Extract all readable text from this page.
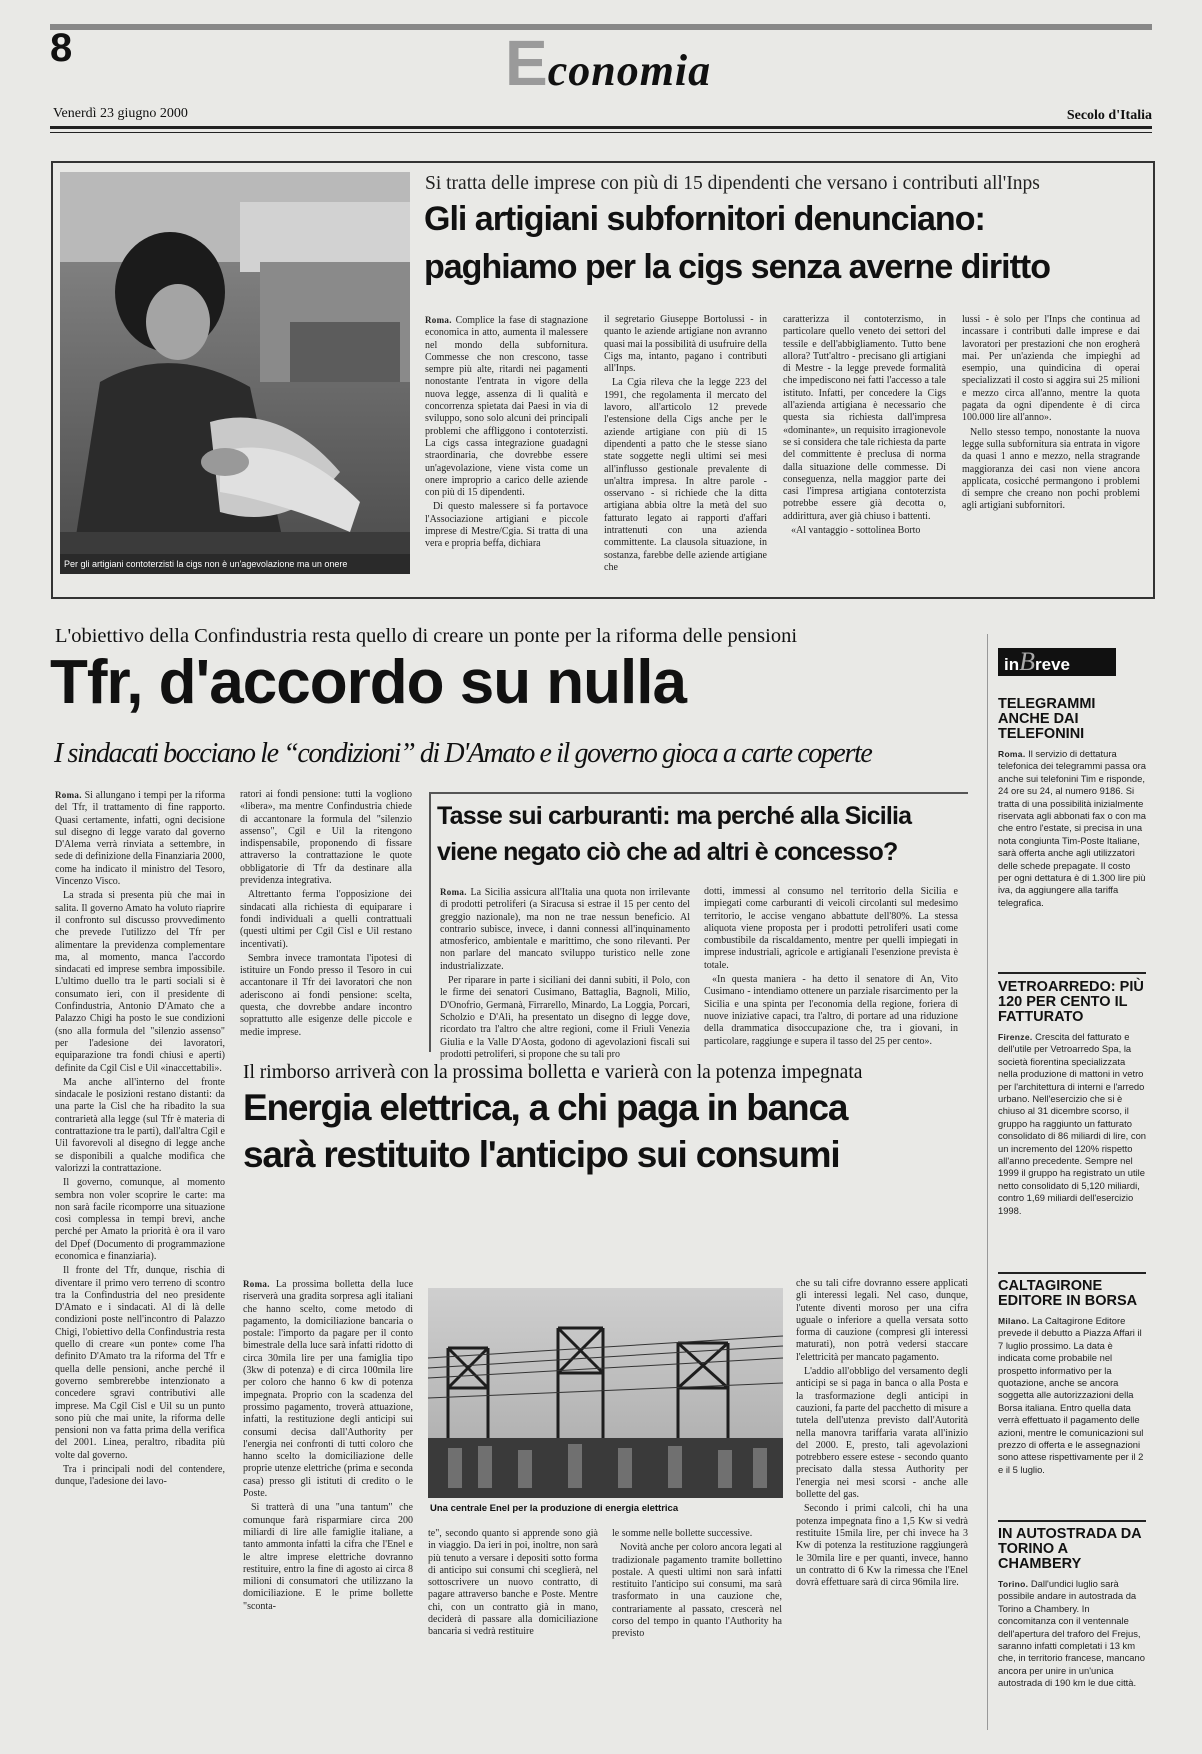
8	Economia
Venerdì 23 giugno 2000	Secolo d'Italia
Per gli artigiani contoterzisti la cigs non è un'agevolazione ma un onere
Si tratta delle imprese con più di 15 dipendenti che versano i contributi all'Inps
Gli artigiani subfornitori denunciano:
paghiamo per la cigs senza averne diritto

Roma. Complice la fase di stagnazione economica in atto, aumenta il malessere nel mondo della subfornitura. Commesse che non crescono, tasse sempre più alte, ritardi nei pagamenti nonostante l'entrata in vigore della nuova legge, assenza di lì qualità e concorrenza spietata dai Paesi in via di sviluppo, sono solo alcuni dei principali problemi che affliggono i contoterzisti. La cigs cassa integrazione guadagni straordinaria, che dovrebbe essere un'agevolazione, viene vista come un onere improprio a carico delle aziende con più di 15 dipendenti.

Di questo malessere si fa portavoce l'Associazione artigiani e piccole imprese di Mestre/Cgia. Si tratta di una vera e propria beffa, dichiara

il segretario Giuseppe Bortolussi - in quanto le aziende artigiane non avranno quasi mai la possibilità di usufruire della Cigs ma, intanto, pagano i contributi all'Inps.

La Cgia rileva che la legge 223 del 1991, che regolamenta il mercato del lavoro, all'articolo 12 prevede l'estensione della Cigs anche per le aziende artigiane con più di 15 dipendenti a patto che le stesse siano state soggette negli ultimi sei mesi all'influsso gestionale prevalente di un'altra impresa. In altre parole - osservano - si richiede che la ditta artigiana abbia oltre la metà del suo fatturato legato ai rapporti d'affari intrattenuti con una azienda committente. La clausola situazione, in sostanza, farebbe delle aziende artigiane che

caratterizza il contoterzismo, in particolare quello veneto dei settori del tessile e dell'abbigliamento. Tutto bene allora? Tutt'altro - precisano gli artigiani di Mestre - la legge prevede formalità che impediscono nei fatti l'accesso a tale istituto. Infatti, per concedere la Cigs all'azienda artigiana è necessario che questa sia richiesta dall'impresa «dominante», un requisito irragionevole se si considera che tale richiesta da parte del committente è preclusa di norma dalla situazione delle commesse. Di conseguenza, nella maggior parte dei casi l'impresa artigiana contoterzista potrebbe essere già decotta o, addirittura, aver già chiuso i battenti.

«Al vantaggio - sottolinea Borto

lussi - è solo per l'Inps che continua ad incassare i contributi dalle imprese e dai lavoratori per prestazioni che non erogherà mai. Per un'azienda che impieghi ad esempio, una quindicina di operai specializzati il costo si aggira sui 25 milioni e mezzo circa all'anno, mentre la quota pagata da ogni dipendente è di circa 100.000 lire all'anno».

Nello stesso tempo, nonostante la nuova legge sulla subfornitura sia entrata in vigore da quasi 1 anno e mezzo, nella stragrande maggioranza dei casi non viene ancora applicata, cosicché permangono i problemi di sempre che creano non pochi problemi agli artigiani subfornitori.

L'obiettivo della Confindustria resta quello di creare un ponte per la riforma delle pensioni
Tfr, d'accordo su nulla
I sindacati bocciano le “condizioni” di D'Amato e il governo gioca a carte coperte

Roma. Si allungano i tempi per la riforma del Tfr, il trattamento di fine rapporto. Quasi certamente, infatti, ogni decisione sul disegno di legge varato dal governo D'Alema verrà rinviata a settembre, in sede di definizione della Finanziaria 2000, come ha indicato il ministro del Tesoro, Vincenzo Visco.

La strada si presenta più che mai in salita. Il governo Amato ha voluto riaprire il confronto sul discusso provvedimento che prevede l'utilizzo del Tfr per alimentare la previdenza complementare ma, al momento, manca l'accordo sindacati ed imprese sembra impossibile. L'ultimo duello tra le parti sociali si è consumato ieri, con il presidente di Confindustria, Antonio D'Amato che a Palazzo Chigi ha posto le sue condizioni (sno alla formula del "silenzio assenso" per l'adesione dei lavoratori, equiparazione tra fondi chiusi e aperti) definite da Cgil Cisl e Uil «inaccettabili».

Ma anche all'interno del fronte sindacale le posizioni restano distanti: da una parte la Cisl che ha ribadito la sua contrarietà alla legge (sul Tfr è materia di contrattazione tra le parti), dall'altra Cgil e Uil favorevoli al disegno di legge anche se disponibili a qualche modifica che valorizzi la contrattazione.

Il governo, comunque, al momento sembra non voler scoprire le carte: ma non sarà facile ricomporre una situazione così complessa in tempi brevi, anche perché per Amato la priorità è ora il varo del Dpef (Documento di programmazione economica e finanziaria).

Il fronte del Tfr, dunque, rischia di diventare il primo vero terreno di scontro tra la Confindustria del neo presidente D'Amato e i sindacati. Al di là delle condizioni poste nell'incontro di Palazzo Chigi, l'obiettivo della Confindustria resta quello di creare «un ponte» come l'ha definito D'Amato tra la riforma del Tfr e quella delle pensioni, anche perché il governo sembrerebbe intenzionato a concedere sgravi contributivi alle imprese. Ma Cgil Cisl e Uil su un punto sono più che mai unite, la riforma delle pensioni non va fatta prima della verifica del 2001. Linea, peraltro, ribadita più volte dal governo.

Tra i principali nodi del contendere, dunque, l'adesione dei lavo-

ratori ai fondi pensione: tutti la vogliono «libera», ma mentre Confindustria chiede di accantonare la formula del "silenzio assenso", Cgil e Uil la ritengono indispensabile, proponendo di fissare attraverso la contrattazione le quote obbligatorie di Tfr da destinare alla previdenza integrativa.

Altrettanto ferma l'opposizione dei sindacati alla richiesta di equiparare i fondi individuali a quelli contrattuali (questi ultimi per Cgil Cisl e Uil restano incentivati).

Sembra invece tramontata l'ipotesi di istituire un Fondo presso il Tesoro in cui accantonare il Tfr dei lavoratori che non aderiscono ai fondi pensione: scelta, questa, che dovrebbe andare incontro soprattutto alle esigenze delle piccole e medie imprese.

Tasse sui carburanti: ma perché alla Sicilia
viene negato ciò che ad altri è concesso?

Roma. La Sicilia assicura all'Italia una quota non irrilevante di prodotti petroliferi (a Siracusa si estrae il 15 per cento del greggio nazionale), ma non ne trae nessun beneficio. Al contrario subisce, invece, i danni connessi all'inquinamento atmosferico, ambientale e marittimo, che sono rilevanti. Per non parlare del mancato sviluppo turistico nelle zone industrializzate.

Per riparare in parte i siciliani dei danni subiti, il Polo, con le firme dei senatori Cusimano, Battaglia, Bagnoli, Milio, D'Onofrio, Germanà, Firrarello, Minardo, La Loggia, Porcari, Scholzio e D'Alì, ha presentato un disegno di legge dove, ricordato tra l'altro che altre regioni, come il Friuli Venezia Giulia e la Valle D'Aosta, godono di agevolazioni fiscali sui prodotti petroliferi, si propone che su tali pro

dotti, immessi al consumo nel territorio della Sicilia e impiegati come carburanti di veicoli circolanti sul medesimo territorio, le accise vengano abbattute dell'80%. La stessa aliquota viene proposta per i prodotti petroliferi usati come combustibile da riscaldamento, mentre per quelli impiegati in imprese industriali, agricole e artigianali l'esenzione prevista è totale.

«In questa maniera - ha detto il senatore di An, Vito Cusimano - intendiamo ottenere un parziale risarcimento per la Sicilia e una spinta per l'economia della regione, foriera di nuove iniziative capaci, tra l'altro, di portare ad una riduzione della drammatica disoccupazione che, tra i giovani, in particolare, raggiunge e supera il tasso del 25 per cento».

Il rimborso arriverà con la prossima bolletta e varierà con la potenza impegnata
Energia elettrica, a chi paga in banca
sarà restituito l'anticipo sui consumi

Roma. La prossima bolletta della luce riserverà una gradita sorpresa agli italiani che hanno scelto, come metodo di pagamento, la domiciliazione bancaria o postale: l'importo da pagare per il conto bimestrale della luce sarà infatti ridotto di circa 30mila lire per una famiglia tipo (3kw di potenza) e di circa 100mila lire per coloro che hanno 6 kw di potenza impegnata. Proprio con la scadenza del prossimo pagamento, troverà attuazione, infatti, la restituzione degli anticipi sui consumi decisa dall'Authority per l'energia nei confronti di tutti coloro che hanno scelto la domiciliazione delle proprie utenze elettriche (prima e seconda casa) presso gli istituti di credito o le Poste.

Si tratterà di una "una tantum" che comunque farà risparmiare circa 200 miliardi di lire alle famiglie italiane, a tanto ammonta infatti la cifra che l'Enel e le altre imprese elettriche dovranno restituire, entro la fine di agosto ai circa 8 milioni di consumatori che utilizzano la domiciliazione. E le prime bollette "sconta-

Una centrale Enel per la produzione di energia elettrica

te", secondo quanto si apprende sono già in viaggio. Da ieri in poi, inoltre, non sarà più tenuto a versare i depositi sotto forma di anticipo sui consumi chi sceglierà, nel sottoscrivere un nuovo contratto, di pagare attraverso banche e Poste. Mentre chi, con un contratto già in mano, deciderà di passare alla domiciliazione bancaria si vedrà restituire

le somme nelle bollette successive.

Novità anche per coloro ancora legati al tradizionale pagamento tramite bollettino postale. A questi ultimi non sarà infatti restituito l'anticipo sui consumi, ma sarà trasformato in una cauzione che, contrariamente al passato, crescerà nel corso del tempo in quanto l'Authority ha previsto

che su tali cifre dovranno essere applicati gli interessi legali. Nel caso, dunque, l'utente diventi moroso per una cifra uguale o inferiore a quella versata sotto forma di cauzione (compresi gli interessi maturati), non potrà vedersi staccare l'elettricità per mancato pagamento.

L'addio all'obbligo del versamento degli anticipi se si paga in banca o alla Posta e la trasformazione degli anticipi in cauzioni, fa parte del pacchetto di misure a tutela dell'utenza previsto dall'Autorità nella manovra tariffaria varata all'inizio del 2000. E, presto, tali agevolazioni potrebbero essere estese - secondo quanto precisato dalla stessa Authority per l'energia nei mesi scorsi - anche alle bollette del gas.

Secondo i primi calcoli, chi ha una potenza impegnata fino a 1,5 Kw si vedrà restituite 15mila lire, per chi invece ha 3 Kw di potenza la restituzione raggiungerà le 30mila lire e per quanti, invece, hanno un contratto di 6 Kw la rimessa che l'Enel dovrà effettuare sarà di circa 96mila lire.

inBreve
TELEGRAMMI ANCHE DAI TELEFONINI

Roma. Il servizio di dettatura telefonica dei telegrammi passa ora anche sui telefonini Tim e risponde, 24 ore su 24, al numero 9186. Si tratta di una possibilità inizialmente riservata agli abbonati fax o con ma che entro l'estate, si precisa in una nota congiunta Tim-Poste Italiane, sarà offerta anche agli utilizzatori delle schede prepagate. Il costo per ogni dettatura è di 1.300 lire più iva, da aggiungere alla tariffa telegrafica.

VETROARREDO: PIÙ 120 PER CENTO IL FATTURATO

Firenze. Crescita del fatturato e dell'utile per Vetroarredo Spa, la società fiorentina specializzata nella produzione di mattoni in vetro per l'architettura di interni e l'arredo urbano. Nell'esercizio che si è chiuso al 31 dicembre scorso, il gruppo ha raggiunto un fatturato consolidato di 86 miliardi di lire, con un incremento del 120% rispetto all'anno precedente. Sempre nel 1999 il gruppo ha registrato un utile netto consolidato di 5,120 miliardi, contro 1,69 miliardi dell'esercizio 1998.

CALTAGIRONE EDITORE IN BORSA

Milano. La Caltagirone Editore prevede il debutto a Piazza Affari il 7 luglio prossimo. La data è indicata come probabile nel prospetto informativo per la quotazione, anche se ancora soggetta alle autorizzazioni della Borsa italiana. Entro quella data verrà effettuato il pagamento delle azioni, mentre le comunicazioni sul prezzo di offerta e le assegnazioni sono attese rispettivamente per il 2 e il 5 luglio.

IN AUTOSTRADA DA TORINO A CHAMBERY

Torino. Dall'undici luglio sarà possibile andare in autostrada da Torino a Chambery. In concomitanza con il ventennale dell'apertura del traforo del Frejus, saranno infatti completati i 13 km che, in territorio francese, mancano ancora per unire in un'unica autostrada di 190 km le due città.
